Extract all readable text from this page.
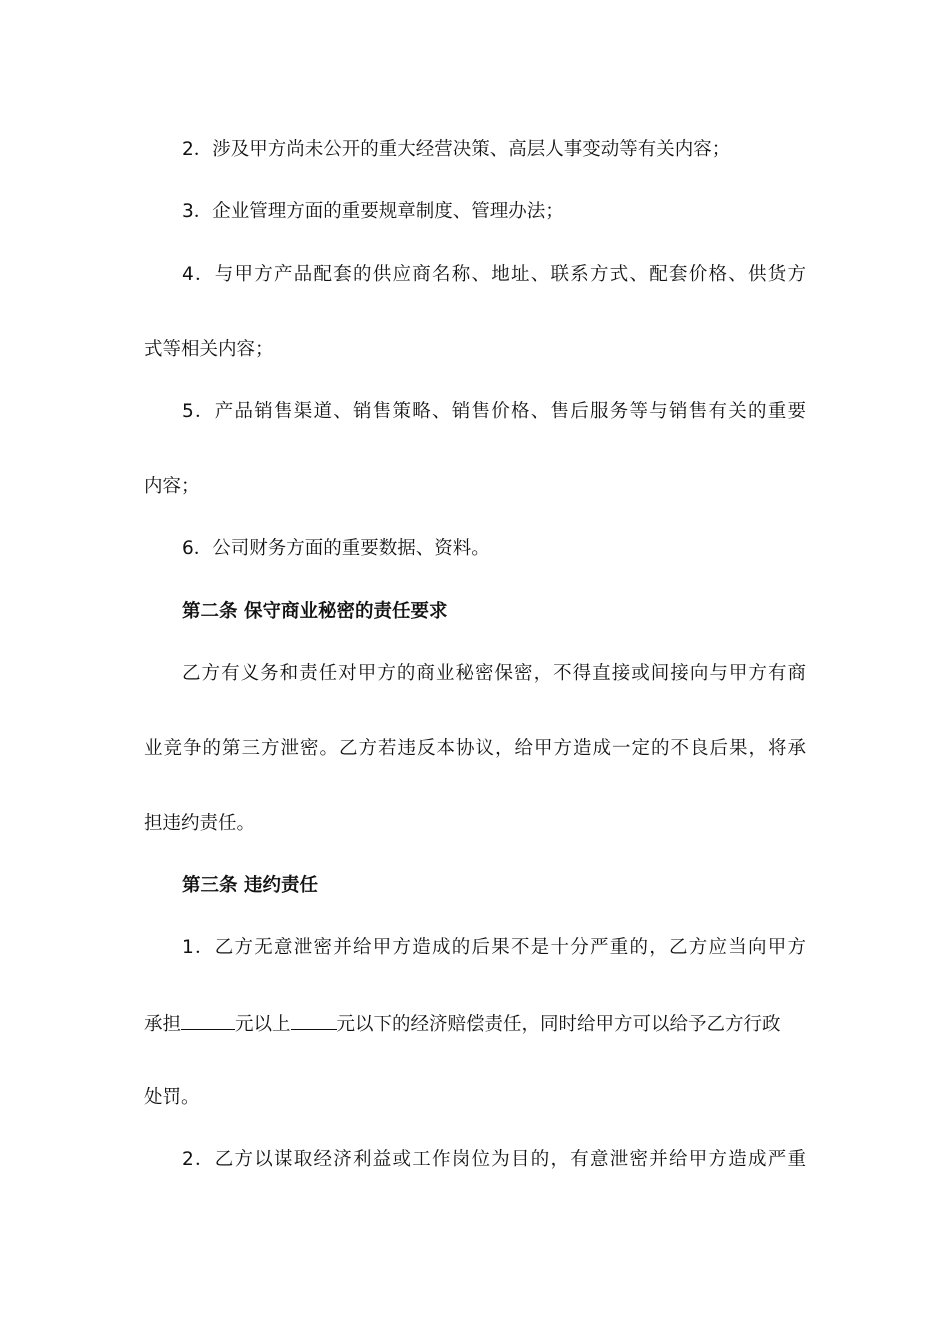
2．涉及甲方尚未公开的重大经营决策、高层人事变动等有关内容；
3．企业管理方面的重要规章制度、管理办法；
4．与甲方产品配套的供应商名称、地址、联系方式、配套价格、供货方
式等相关内容；
5．产品销售渠道、销售策略、销售价格、售后服务等与销售有关的重要
内容；
6．公司财务方面的重要数据、资料。
第二条 保守商业秘密的责任要求
乙方有义务和责任对甲方的商业秘密保密，不得直接或间接向与甲方有商
业竞争的第三方泄密。乙方若违反本协议，给甲方造成一定的不良后果，将承
担违约责任。
第三条 违约责任
1．乙方无意泄密并给甲方造成的后果不是十分严重的，乙方应当向甲方
承担	元以上 元以下的经济赔偿责任，同时给甲方可以给予乙方行政
处罚。
2．乙方以谋取经济利益或工作岗位为目的，有意泄密并给甲方造成严重
